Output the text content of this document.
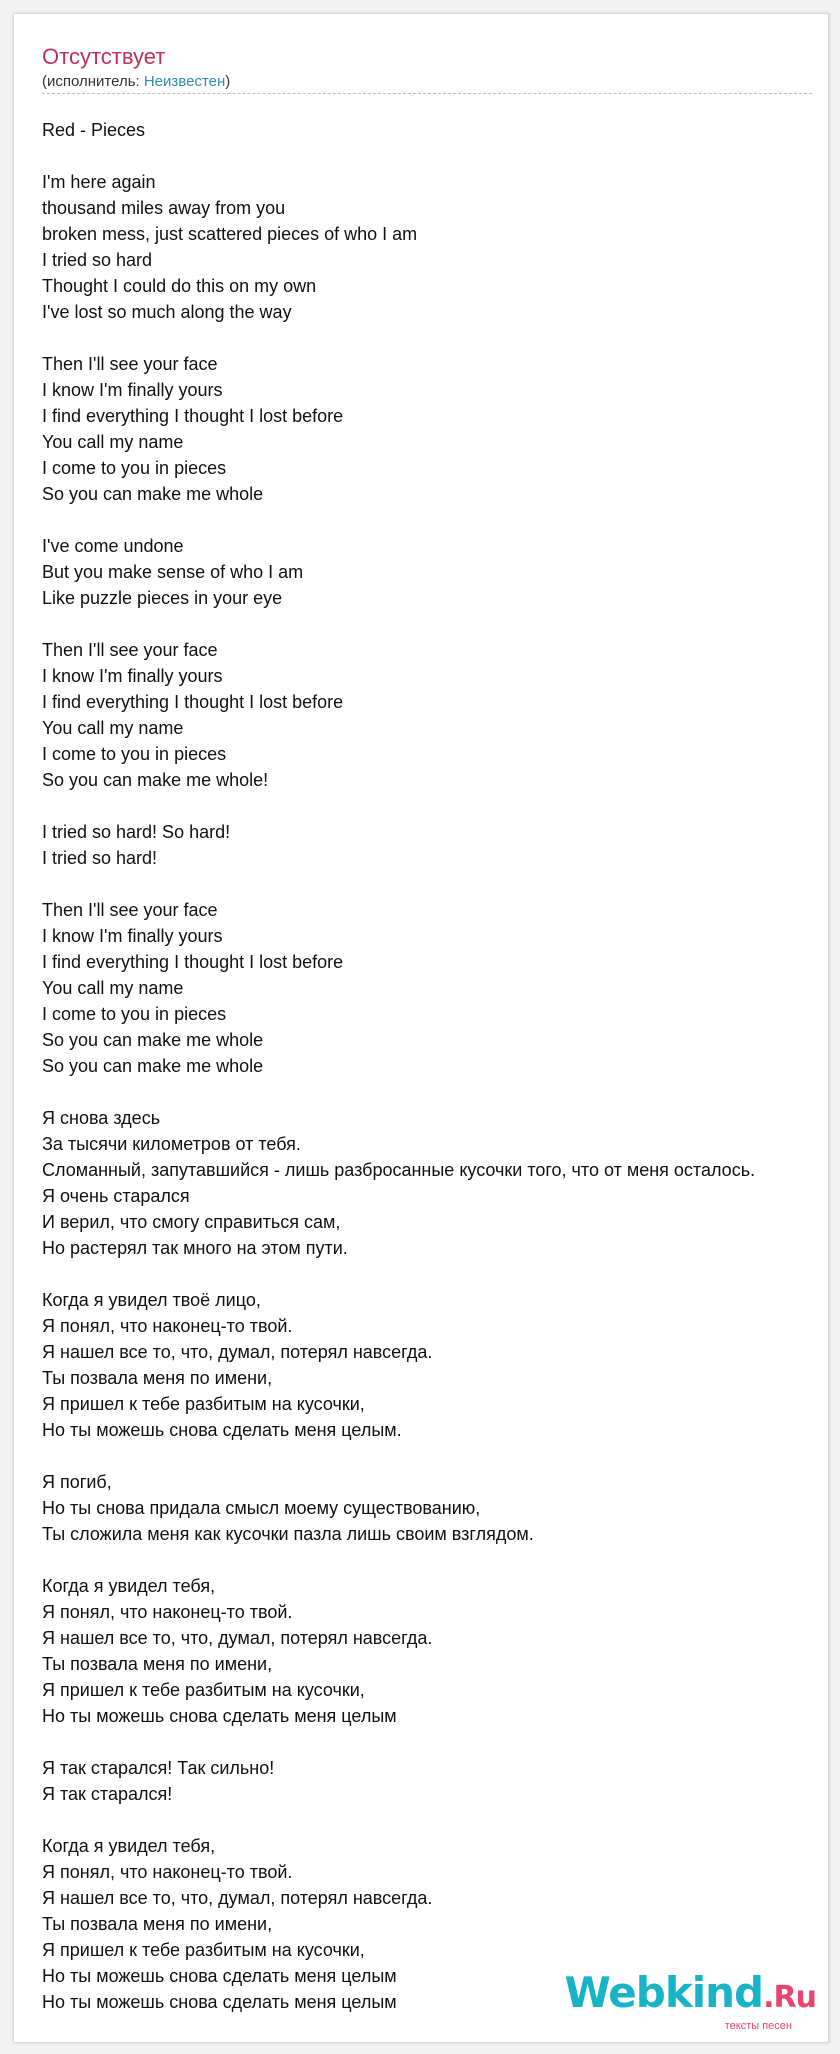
Отсутствует
(исполнитель: Неизвестен)
Red - Pieces
I'm here again
thousand miles away from you
broken mess, just scattered pieces of who I am
I tried so hard
Thought I could do this on my own
I've lost so much along the way
Then I'll see your face
I know I'm finally yours
I find everything I thought I lost before
You call my name
I come to you in pieces
So you can make me whole
I've come undone
But you make sense of who I am
Like puzzle pieces in your eye
Then I'll see your face
I know I'm finally yours
I find everything I thought I lost before
You call my name
I come to you in pieces
So you can make me whole!
I tried so hard! So hard!
I tried so hard!
Then I'll see your face
I know I'm finally yours
I find everything I thought I lost before
You call my name
I come to you in pieces
So you can make me whole
So you can make me whole
Я снова здесь
За тысячи километров от тебя.
Сломанный, запутавшийся - лишь разбросанные кусочки того, что от меня осталось.
Я очень старался
И верил, что смогу справиться сам,
Но растерял так много на этом пути.
Когда я увидел твоё лицо,
Я понял, что наконец-то твой.
Я нашел все то, что, думал, потерял навсегда.
Ты позвала меня по имени,
Я пришел к тебе разбитым на кусочки,
Но ты можешь снова сделать меня целым.
Я погиб,
Но ты снова придала смысл моему существованию,
Ты сложила меня как кусочки пазла лишь своим взглядом.
Когда я увидел тебя,
Я понял, что наконец-то твой.
Я нашел все то, что, думал, потерял навсегда.
Ты позвала меня по имени,
Я пришел к тебе разбитым на кусочки,
Но ты можешь снова сделать меня целым
Я так старался! Так сильно!
Я так старался!
Когда я увидел тебя,
Я понял, что наконец-то твой.
Я нашел все то, что, думал, потерял навсегда.
Ты позвала меня по имени,
Я пришел к тебе разбитым на кусочки,
Но ты можешь снова сделать меня целым
Но ты можешь снова сделать меня целым	Webkind.Ru
тексты песен
